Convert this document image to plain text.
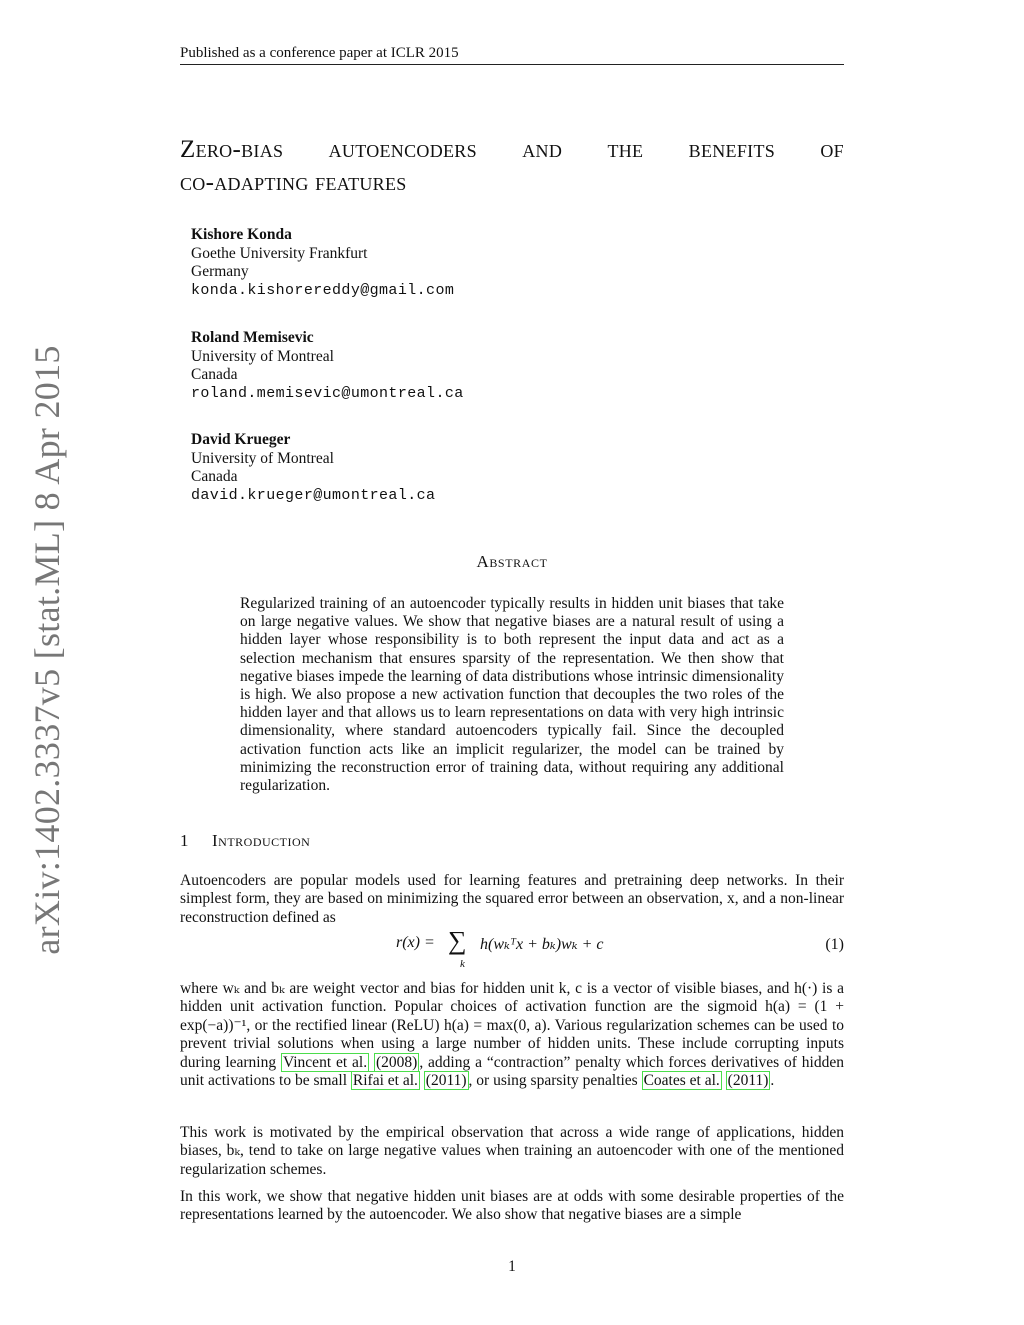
Published as a conference paper at ICLR 2015
Zero-bias autoencoders and the benefits of
co-adapting features
Kishore Konda
Goethe University Frankfurt
Germany
konda.kishorereddy@gmail.com
Roland Memisevic
University of Montreal
Canada
roland.memisevic@umontreal.ca
David Krueger
University of Montreal
Canada
david.krueger@umontreal.ca
arXiv:1402.3337v5 [stat.ML] 8 Apr 2015	Abstract
Regularized training of an autoencoder typically results in hidden unit biases that take on large negative values. We show that negative biases are a natural result of using a hidden layer whose responsibility is to both represent the input data and act as a selection mechanism that ensures sparsity of the representation. We then show that negative biases impede the learning of data distributions whose intrinsic dimensionality is high. We also propose a new activation function that decouples the two roles of the hidden layer and that allows us to learn representations on data with very high intrinsic dimensionality, where standard autoencoders typically fail. Since the decoupled activation function acts like an implicit regularizer, the model can be trained by minimizing the reconstruction error of training data, without requiring any additional regularization.
1 Introduction
Autoencoders are popular models used for learning features and pretraining deep networks. In their simplest form, they are based on minimizing the squared error between an observation, x, and a non-linear reconstruction defined as
r(x) = ∑
k
h(wₖᵀx + bₖ)wₖ + c	(1)
where wₖ and bₖ are weight vector and bias for hidden unit k, c is a vector of visible biases, and h(·) is a hidden unit activation function. Popular choices of activation function are the sigmoid h(a) = (1 + exp(−a))⁻¹, or the rectified linear (ReLU) h(a) = max(0, a). Various regularization schemes can be used to prevent trivial solutions when using a large number of hidden units. These include corrupting inputs during learning Vincent et al. (2008) , adding a “contraction” penalty which forces derivatives of hidden unit activations to be small Rifai et al. (2011) , or using sparsity penalties Coates et al. (2011) .
This work is motivated by the empirical observation that across a wide range of applications, hidden biases, bₖ, tend to take on large negative values when training an autoencoder with one of the mentioned regularization schemes.
In this work, we show that negative hidden unit biases are at odds with some desirable properties of the representations learned by the autoencoder. We also show that negative biases are a simple
1
